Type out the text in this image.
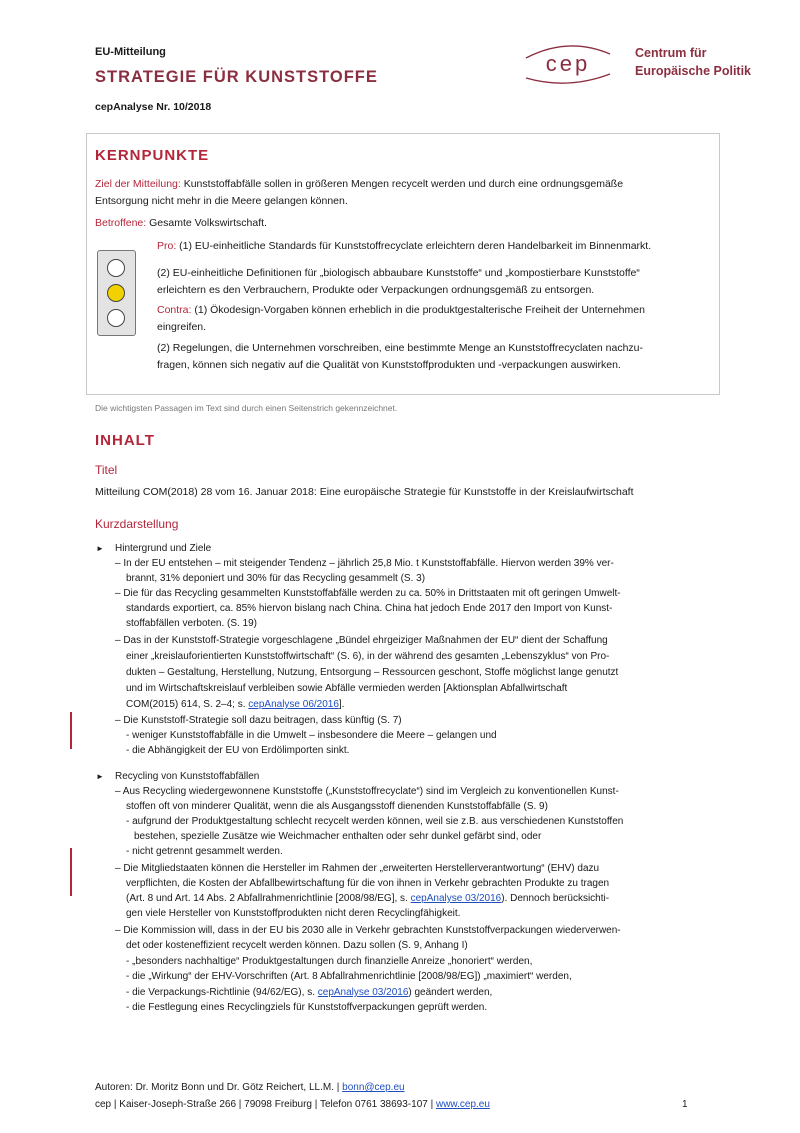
EU-Mitteilung
STRATEGIE FÜR KUNSTSTOFFE
cepAnalyse Nr. 10/2018
cep	Centrum für
Europäische Politik
KERNPUNKTE
Ziel der Mitteilung: Kunststoffabfälle sollen in größeren Mengen recycelt werden und durch eine ordnungsgemäße
Entsorgung nicht mehr in die Meere gelangen können.
Betroffene: Gesamte Volkswirtschaft.
Pro: (1) EU-einheitliche Standards für Kunststoffrecyclate erleichtern deren Handelbarkeit im Binnenmarkt.
(2) EU-einheitliche Definitionen für „biologisch abbaubare Kunststoffe“ und „kompostierbare Kunststoffe“
erleichtern es den Verbrauchern, Produkte oder Verpackungen ordnungsgemäß zu entsorgen.
Contra: (1) Ökodesign-Vorgaben können erheblich in die produktgestalterische Freiheit der Unternehmen
eingreifen.
(2) Regelungen, die Unternehmen vorschreiben, eine bestimmte Menge an Kunststoffrecyclaten nachzu-
fragen, können sich negativ auf die Qualität von Kunststoffprodukten und -verpackungen auswirken.
Die wichtigsten Passagen im Text sind durch einen Seitenstrich gekennzeichnet.
INHALT
Titel
Mitteilung COM(2018) 28 vom 16. Januar 2018: Eine europäische Strategie für Kunststoffe in der Kreislaufwirtschaft
Kurzdarstellung
► Hintergrund und Ziele
– In der EU entstehen – mit steigender Tendenz – jährlich 25,8 Mio. t Kunststoffabfälle. Hiervon werden 39% ver-
brannt, 31% deponiert und 30% für das Recycling gesammelt (S. 3)
– Die für das Recycling gesammelten Kunststoffabfälle werden zu ca. 50% in Drittstaaten mit oft geringen Umwelt-
standards exportiert, ca. 85% hiervon bislang nach China. China hat jedoch Ende 2017 den Import von Kunst-
stoffabfällen verboten. (S. 19)
– Das in der Kunststoff-Strategie vorgeschlagene „Bündel ehrgeiziger Maßnahmen der EU“ dient der Schaffung
einer „kreislauforientierten Kunststoffwirtschaft“ (S. 6), in der während des gesamten „Lebenszyklus“ von Pro-
dukten – Gestaltung, Herstellung, Nutzung, Entsorgung – Ressourcen geschont, Stoffe möglichst lange genutzt
und im Wirtschaftskreislauf verbleiben sowie Abfälle vermieden werden [Aktionsplan Abfallwirtschaft
COM(2015) 614, S. 2–4; s. cepAnalyse 06/2016].
– Die Kunststoff-Strategie soll dazu beitragen, dass künftig (S. 7)
- weniger Kunststoffabfälle in die Umwelt – insbesondere die Meere – gelangen und
- die Abhängigkeit der EU von Erdölimporten sinkt.
► Recycling von Kunststoffabfällen
– Aus Recycling wiedergewonnene Kunststoffe („Kunststoffrecyclate“) sind im Vergleich zu konventionellen Kunst-
stoffen oft von minderer Qualität, wenn die als Ausgangsstoff dienenden Kunststoffabfälle (S. 9)
- aufgrund der Produktgestaltung schlecht recycelt werden können, weil sie z.B. aus verschiedenen Kunststoffen
bestehen, spezielle Zusätze wie Weichmacher enthalten oder sehr dunkel gefärbt sind, oder
- nicht getrennt gesammelt werden.
– Die Mitgliedstaaten können die Hersteller im Rahmen der „erweiterten Herstellerverantwortung“ (EHV) dazu
verpflichten, die Kosten der Abfallbewirtschaftung für die von ihnen in Verkehr gebrachten Produkte zu tragen
(Art. 8 und Art. 14 Abs. 2 Abfallrahmenrichtlinie [2008/98/EG], s. cepAnalyse 03/2016). Dennoch berücksichti-
gen viele Hersteller von Kunststoffprodukten nicht deren Recyclingfähigkeit.
– Die Kommission will, dass in der EU bis 2030 alle in Verkehr gebrachten Kunststoffverpackungen wiederverwen-
det oder kosteneffizient recycelt werden können. Dazu sollen (S. 9, Anhang I)
- „besonders nachhaltige“ Produktgestaltungen durch finanzielle Anreize „honoriert“ werden,
- die „Wirkung“ der EHV-Vorschriften (Art. 8 Abfallrahmenrichtlinie [2008/98/EG]) „maximiert“ werden,
- die Verpackungs-Richtlinie (94/62/EG), s. cepAnalyse 03/2016) geändert werden,
- die Festlegung eines Recyclingziels für Kunststoffverpackungen geprüft werden.
Autoren: Dr. Moritz Bonn und Dr. Götz Reichert, LL.M. | bonn@cep.eu
cep | Kaiser-Joseph-Straße 266 | 79098 Freiburg | Telefon 0761 38693-107 | www.cep.eu	1
